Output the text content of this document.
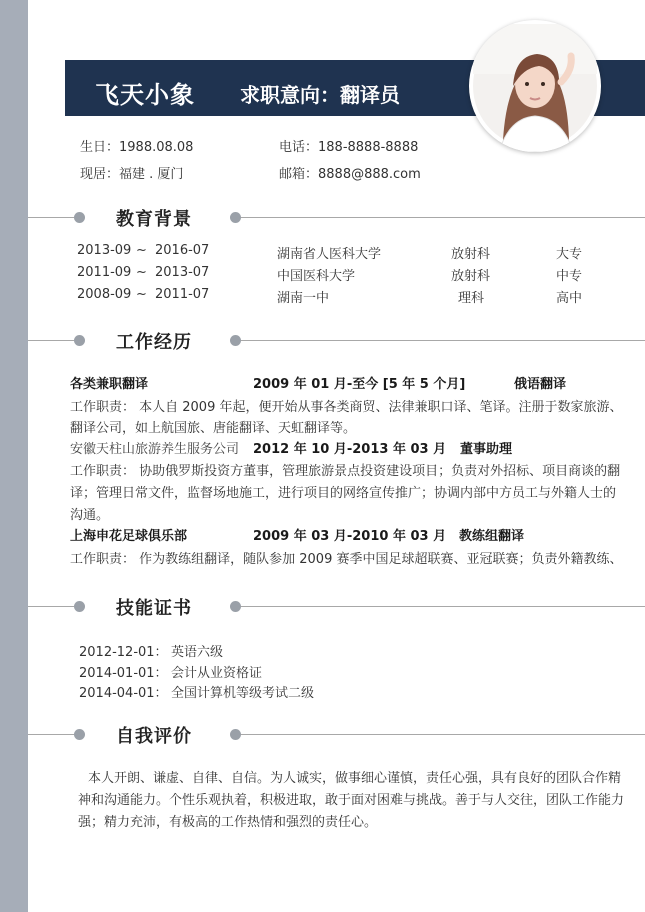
飞天小象 求职意向：翻译员
生日：1988.08.08	电话：188-8888-8888
现居：福建 . 厦门	邮箱：8888@888.com
教育背景
2013-09 ~ 2016-07	湖南省人医科大学	放射科	大专
2011-09 ~ 2013-07	中国医科大学	放射科	中专
2008-09 ~ 2011-07	湖南一中	理科	高中
工作经历
各类兼职翻译	2009 年 01 月-至今 [5 年 5 个月]	俄语翻译
工作职责： 本人自 2009 年起，便开始从事各类商贸、法律兼职口译、笔译。注册于数家旅游、
翻译公司，如上航国旅、唐能翻译、天虹翻译等。
安徽天柱山旅游养生服务公司 2012 年 10 月-2013 年 03 月 董事助理
工作职责： 协助俄罗斯投资方董事，管理旅游景点投资建设项目；负责对外招标、项目商谈的翻
译；管理日常文件，监督场地施工，进行项目的网络宣传推广；协调内部中方员工与外籍人士的
沟通。
上海申花足球俱乐部	2009 年 03 月-2010 年 03 月 教练组翻译
工作职责： 作为教练组翻译，随队参加 2009 赛季中国足球超联赛、亚冠联赛；负责外籍教练、
技能证书
2012-12-01： 英语六级
2014-01-01： 会计从业资格证
2014-04-01： 全国计算机等级考试二级
自我评价
本人开朗、谦虚、自律、自信。为人诚实，做事细心谨慎，责任心强，具有良好的团队合作精
神和沟通能力。个性乐观执着，积极进取，敢于面对困难与挑战。善于与人交往，团队工作能力
强；精力充沛，有极高的工作热情和强烈的责任心。
